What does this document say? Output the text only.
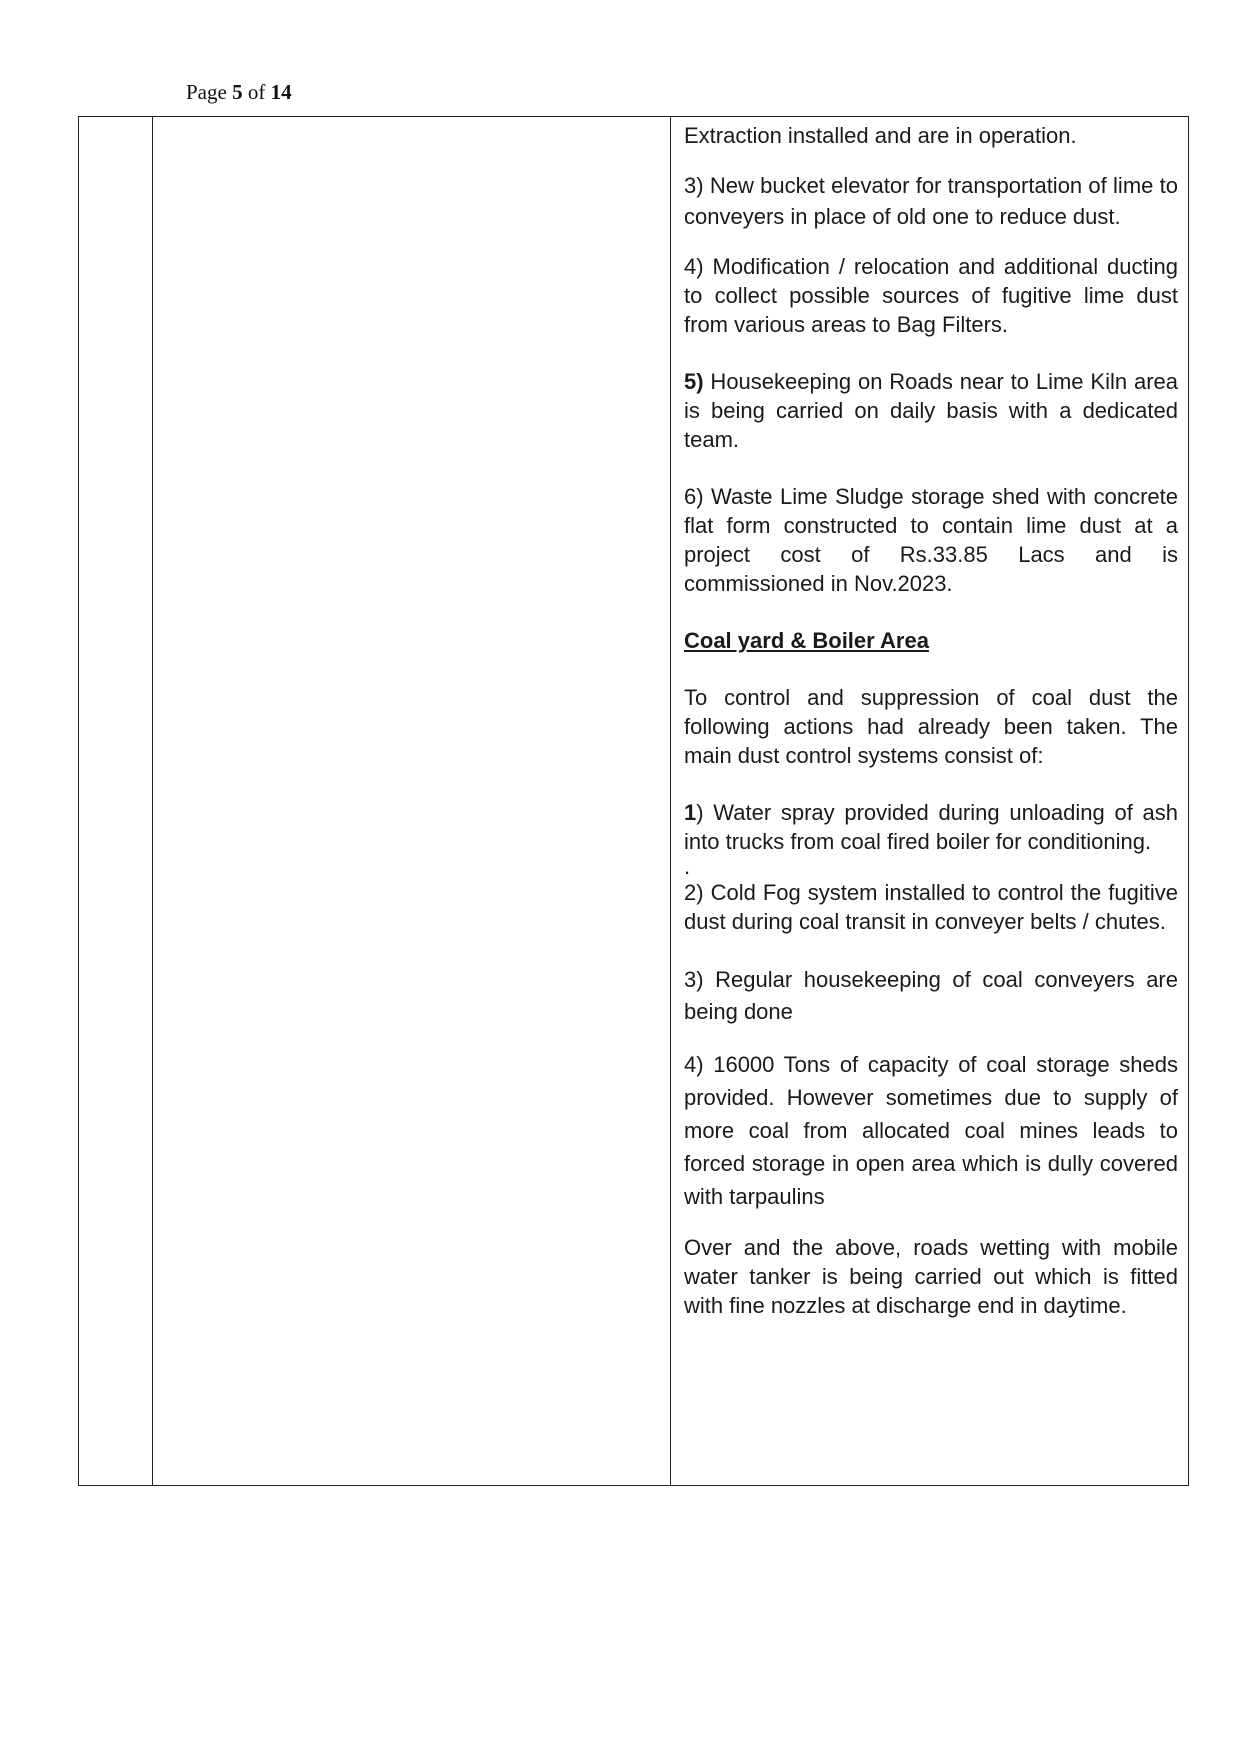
Page 5 of 14

Extraction installed and are in operation.

3) New bucket elevator for transportation of lime to conveyers in place of old one to reduce dust.

4) Modification / relocation and additional ducting to collect possible sources of fugitive lime dust from various areas to Bag Filters.

5) Housekeeping on Roads near to Lime Kiln area is being carried on daily basis with a dedicated team.

6) Waste Lime Sludge storage shed with concrete flat form constructed to contain lime dust at a project cost of Rs.33.85 Lacs and is commissioned in Nov.2023.

Coal yard & Boiler Area

To control and suppression of coal dust the following actions had already been taken. The main dust control systems consist of:

1) Water spray provided during unloading of ash into trucks from coal fired boiler for conditioning.

.

2) Cold Fog system installed to control the fugitive dust during coal transit in conveyer belts / chutes.

3) Regular housekeeping of coal conveyers are being done

4) 16000 Tons of capacity of coal storage sheds provided. However sometimes due to supply of more coal from allocated coal mines leads to forced storage in open area which is dully covered with tarpaulins

Over and the above, roads wetting with mobile water tanker is being carried out which is fitted with fine nozzles at discharge end in daytime.
